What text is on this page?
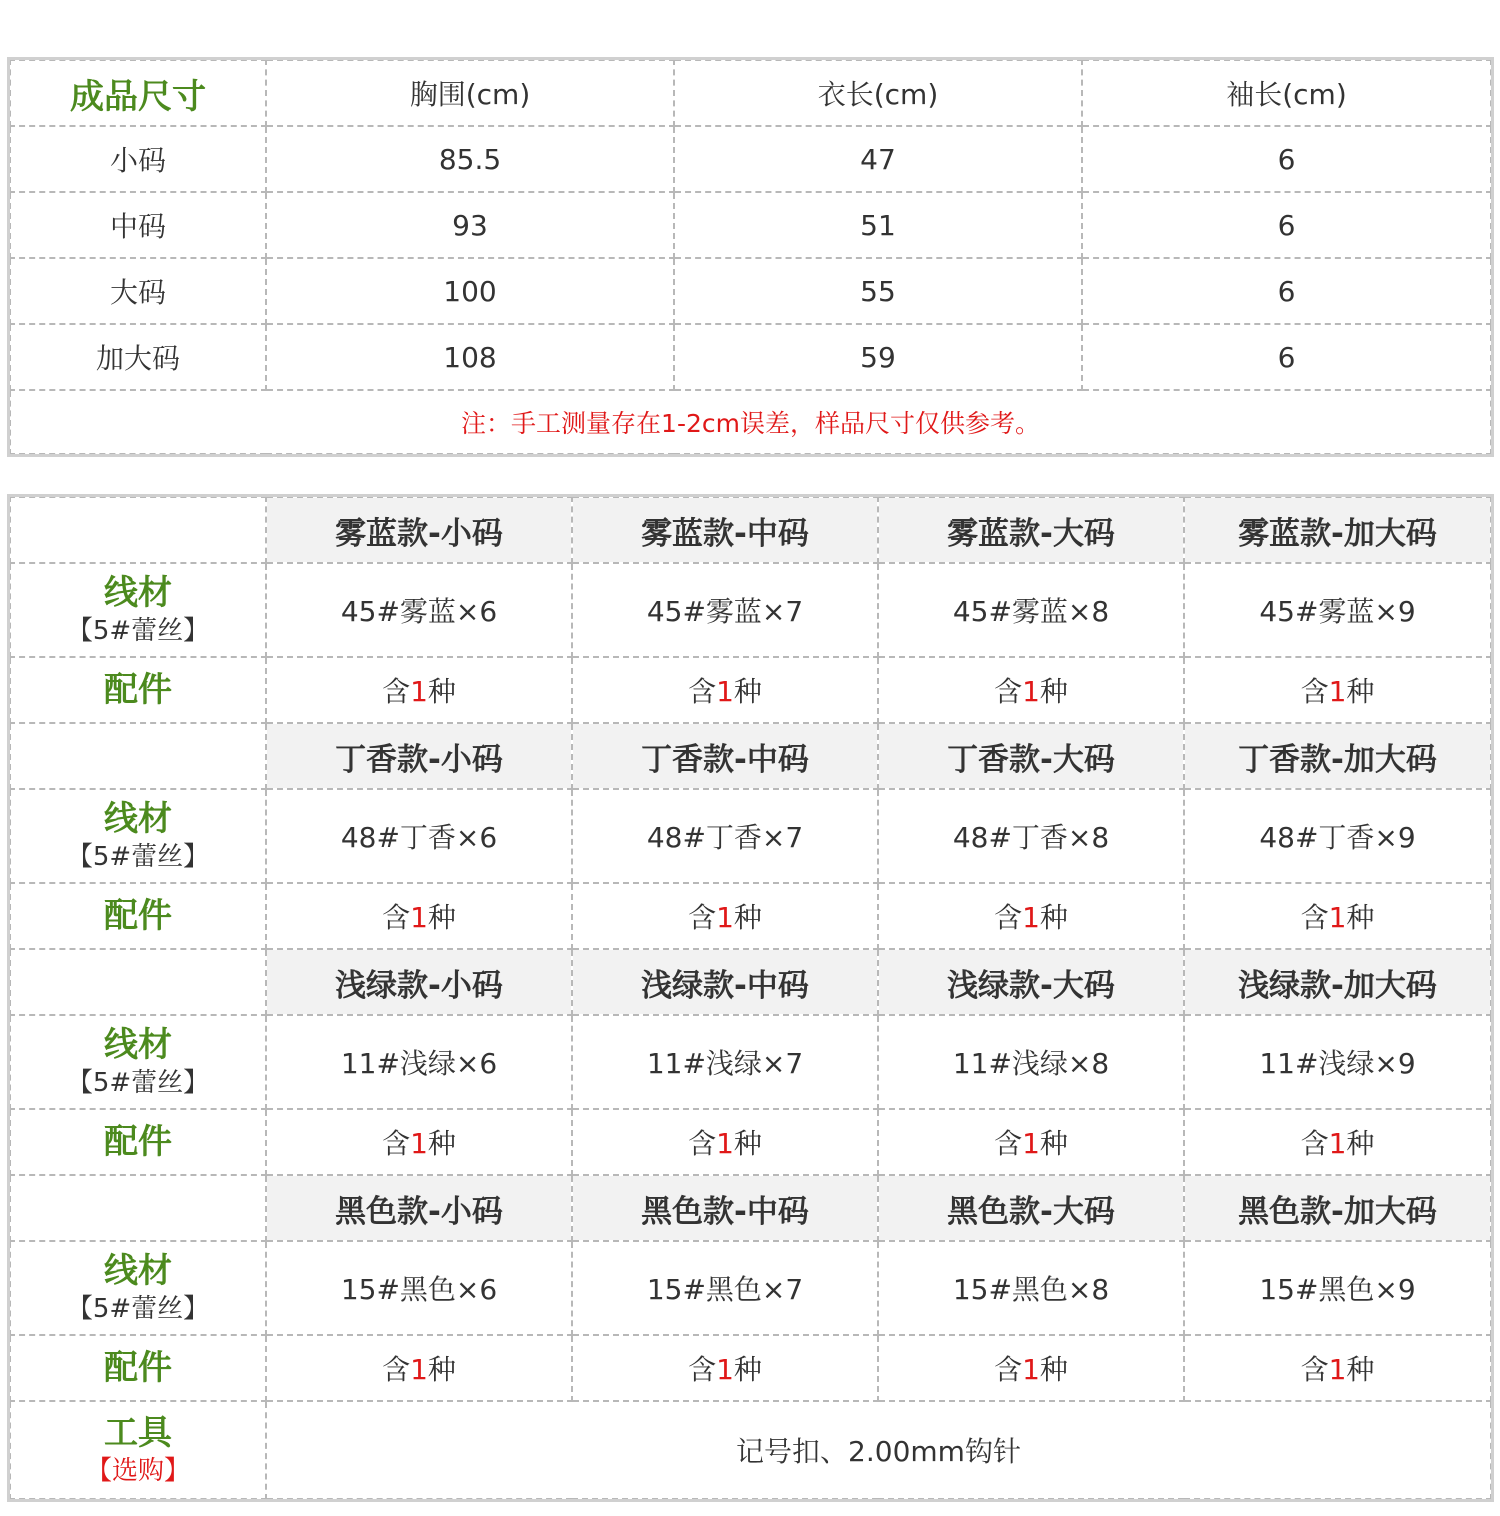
成品尺寸	胸围(cm)	衣长(cm)	袖长(cm)
小码	85.5	47	6
中码	93	51	6
大码	100	55	6
加大码	108	59	6
注：手工测量存在1-2cm误差，样品尺寸仅供参考。			
	雾蓝款-小码	雾蓝款-中码	雾蓝款-大码	雾蓝款-加大码

线材
【5#蕾丝】	45#雾蓝×6	45#雾蓝×7	45#雾蓝×8	45#雾蓝×9

配件	含1种	含1种	含1种	含1种
	丁香款-小码	丁香款-中码	丁香款-大码	丁香款-加大码

线材
【5#蕾丝】	48#丁香×6	48#丁香×7	48#丁香×8	48#丁香×9

配件	含1种	含1种	含1种	含1种
	浅绿款-小码	浅绿款-中码	浅绿款-大码	浅绿款-加大码

线材
【5#蕾丝】	11#浅绿×6	11#浅绿×7	11#浅绿×8	11#浅绿×9

配件	含1种	含1种	含1种	含1种
	黑色款-小码	黑色款-中码	黑色款-大码	黑色款-加大码

线材
【5#蕾丝】	15#黑色×6	15#黑色×7	15#黑色×8	15#黑色×9

配件	含1种	含1种	含1种	含1种

工具
【选购】	记号扣、2.00mm钩针			
